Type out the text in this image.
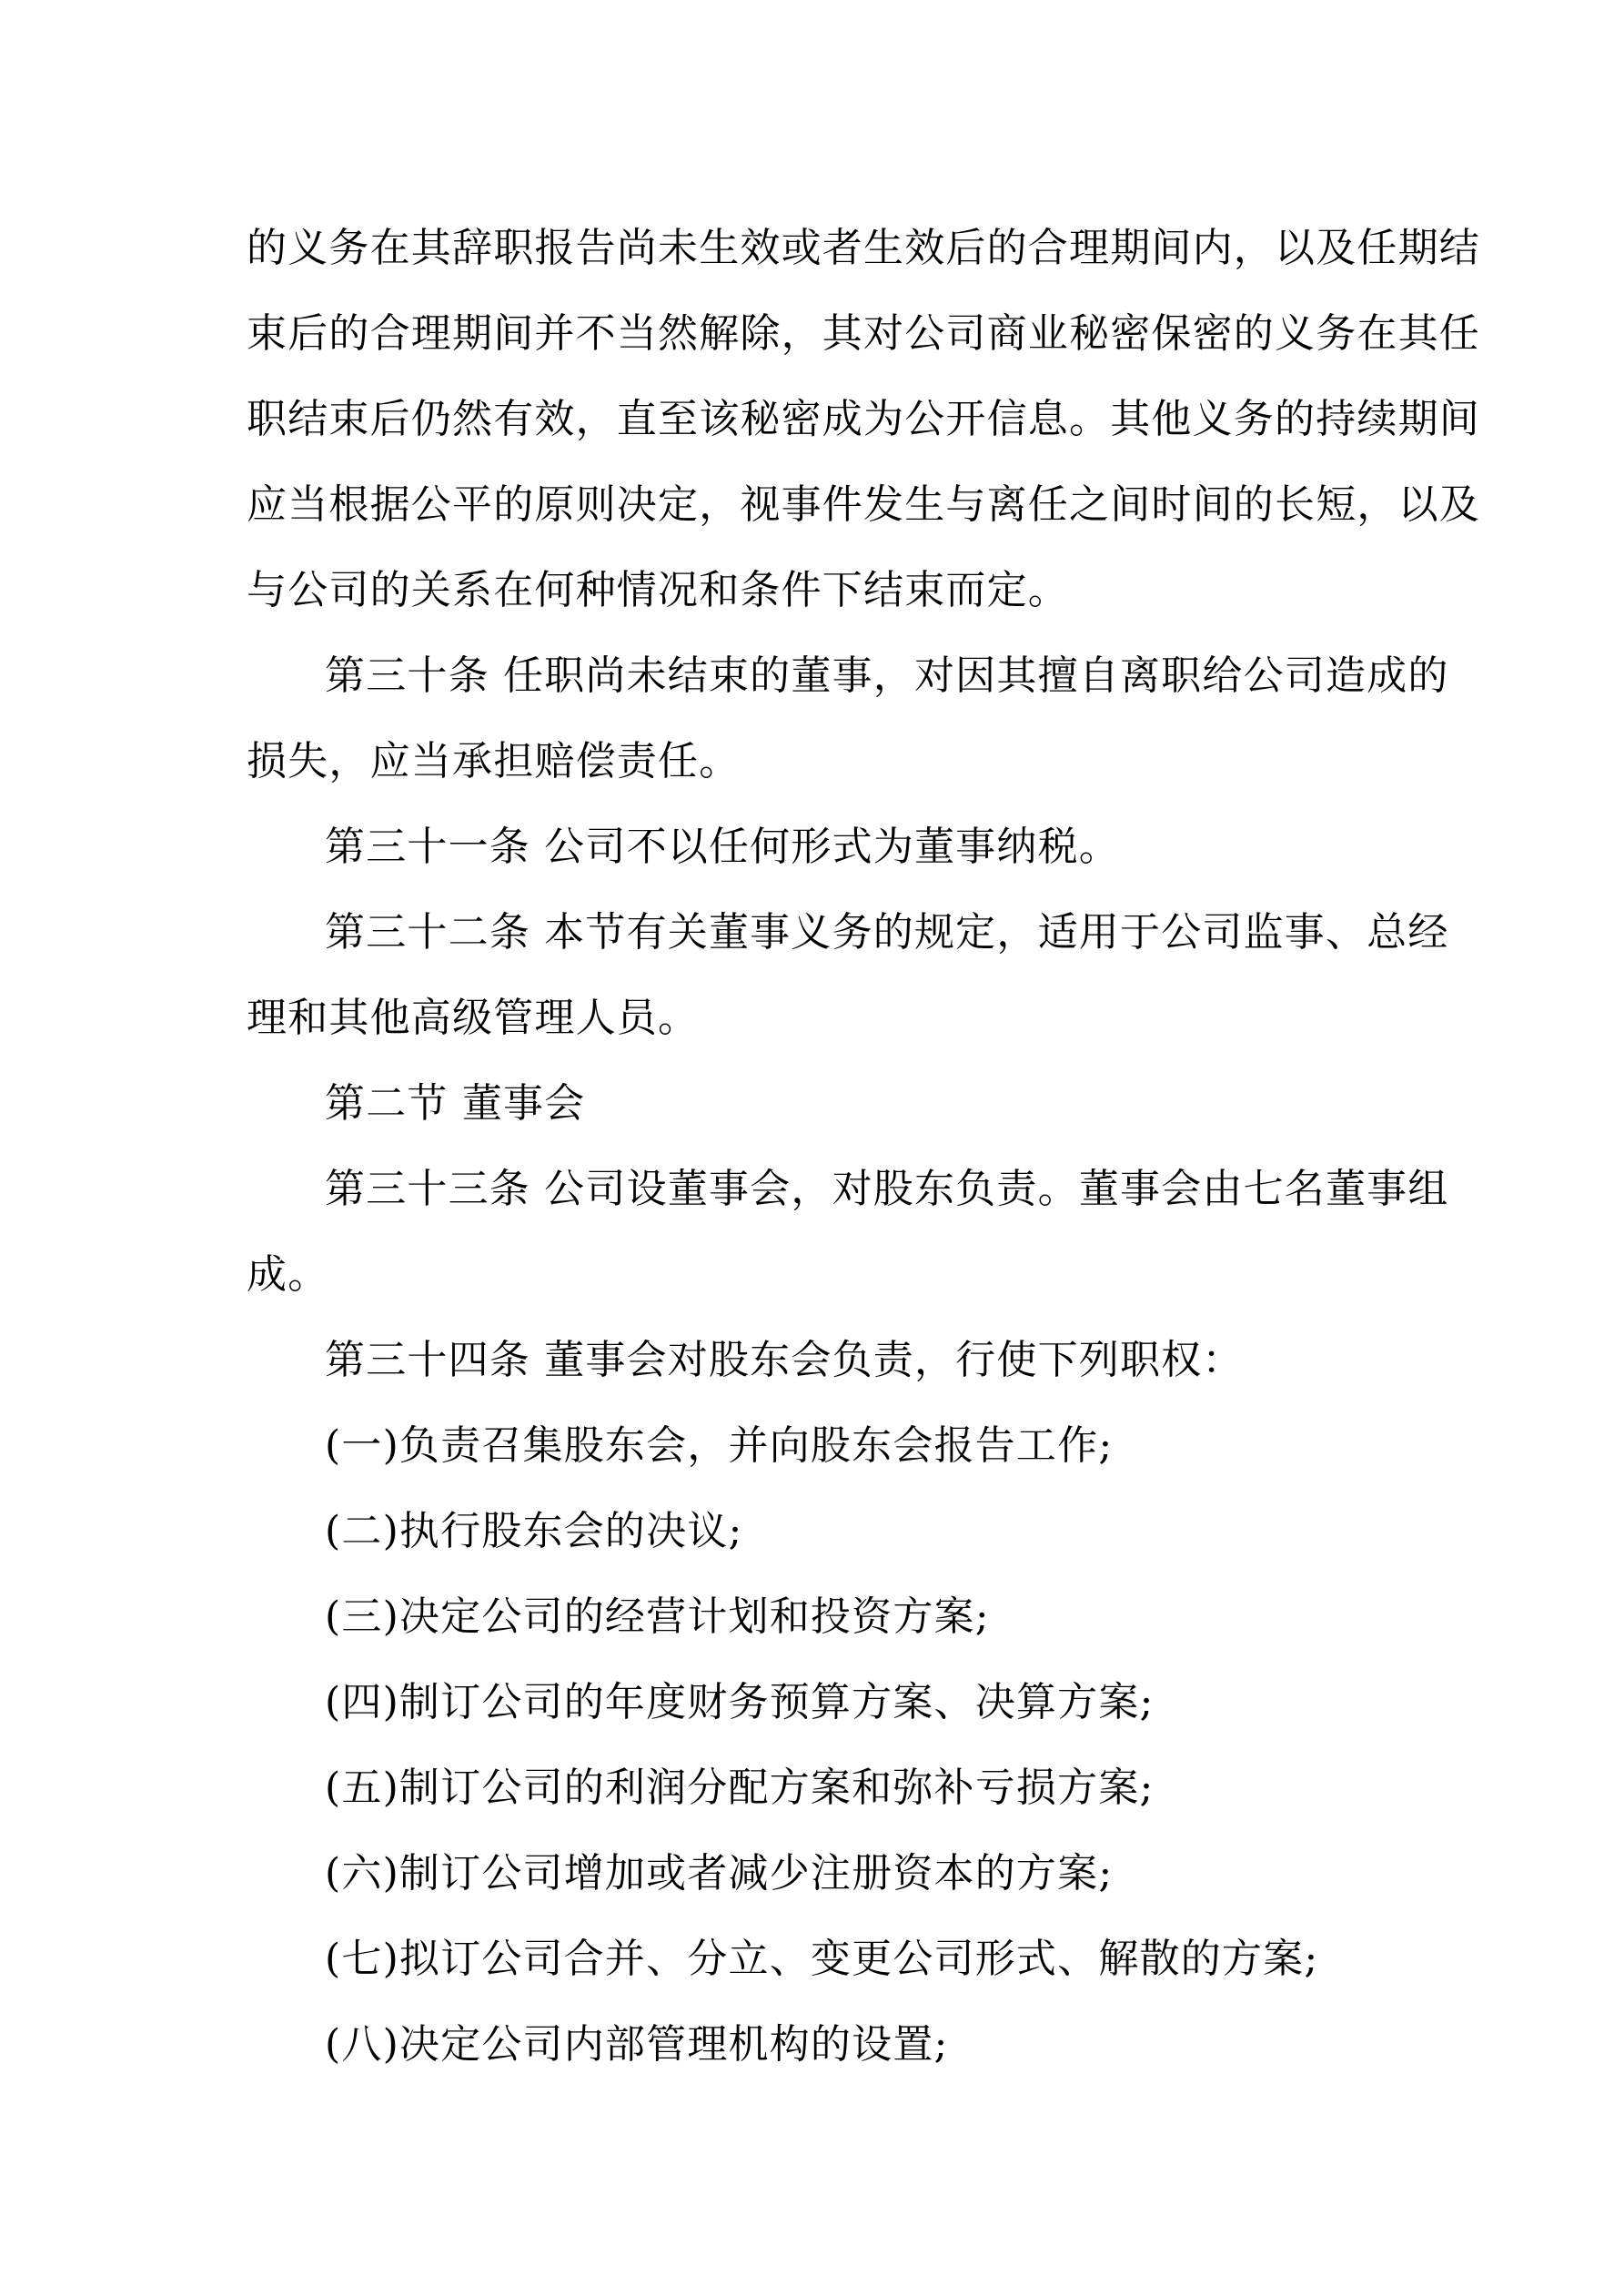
的义务在其辞职报告尚未生效或者生效后的合理期间内，以及任期结

束后的合理期间并不当然解除，其对公司商业秘密保密的义务在其任

职结束后仍然有效，直至该秘密成为公开信息。其他义务的持续期间

应当根据公平的原则决定，视事件发生与离任之间时间的长短，以及

与公司的关系在何种情况和条件下结束而定。

第三十条 任职尚未结束的董事，对因其擅自离职给公司造成的

损失，应当承担赔偿责任。

第三十一条 公司不以任何形式为董事纳税。

第三十二条 本节有关董事义务的规定，适用于公司监事、总经

理和其他高级管理人员。

第二节 董事会

第三十三条 公司设董事会，对股东负责。董事会由七名董事组

成。

第三十四条 董事会对股东会负责，行使下列职权：

(一)负责召集股东会，并向股东会报告工作;

(二)执行股东会的决议;

(三)决定公司的经营计划和投资方案;

(四)制订公司的年度财务预算方案、决算方案;

(五)制订公司的利润分配方案和弥补亏损方案;

(六)制订公司增加或者减少注册资本的方案;

(七)拟订公司合并、分立、变更公司形式、解散的方案;

(八)决定公司内部管理机构的设置;
